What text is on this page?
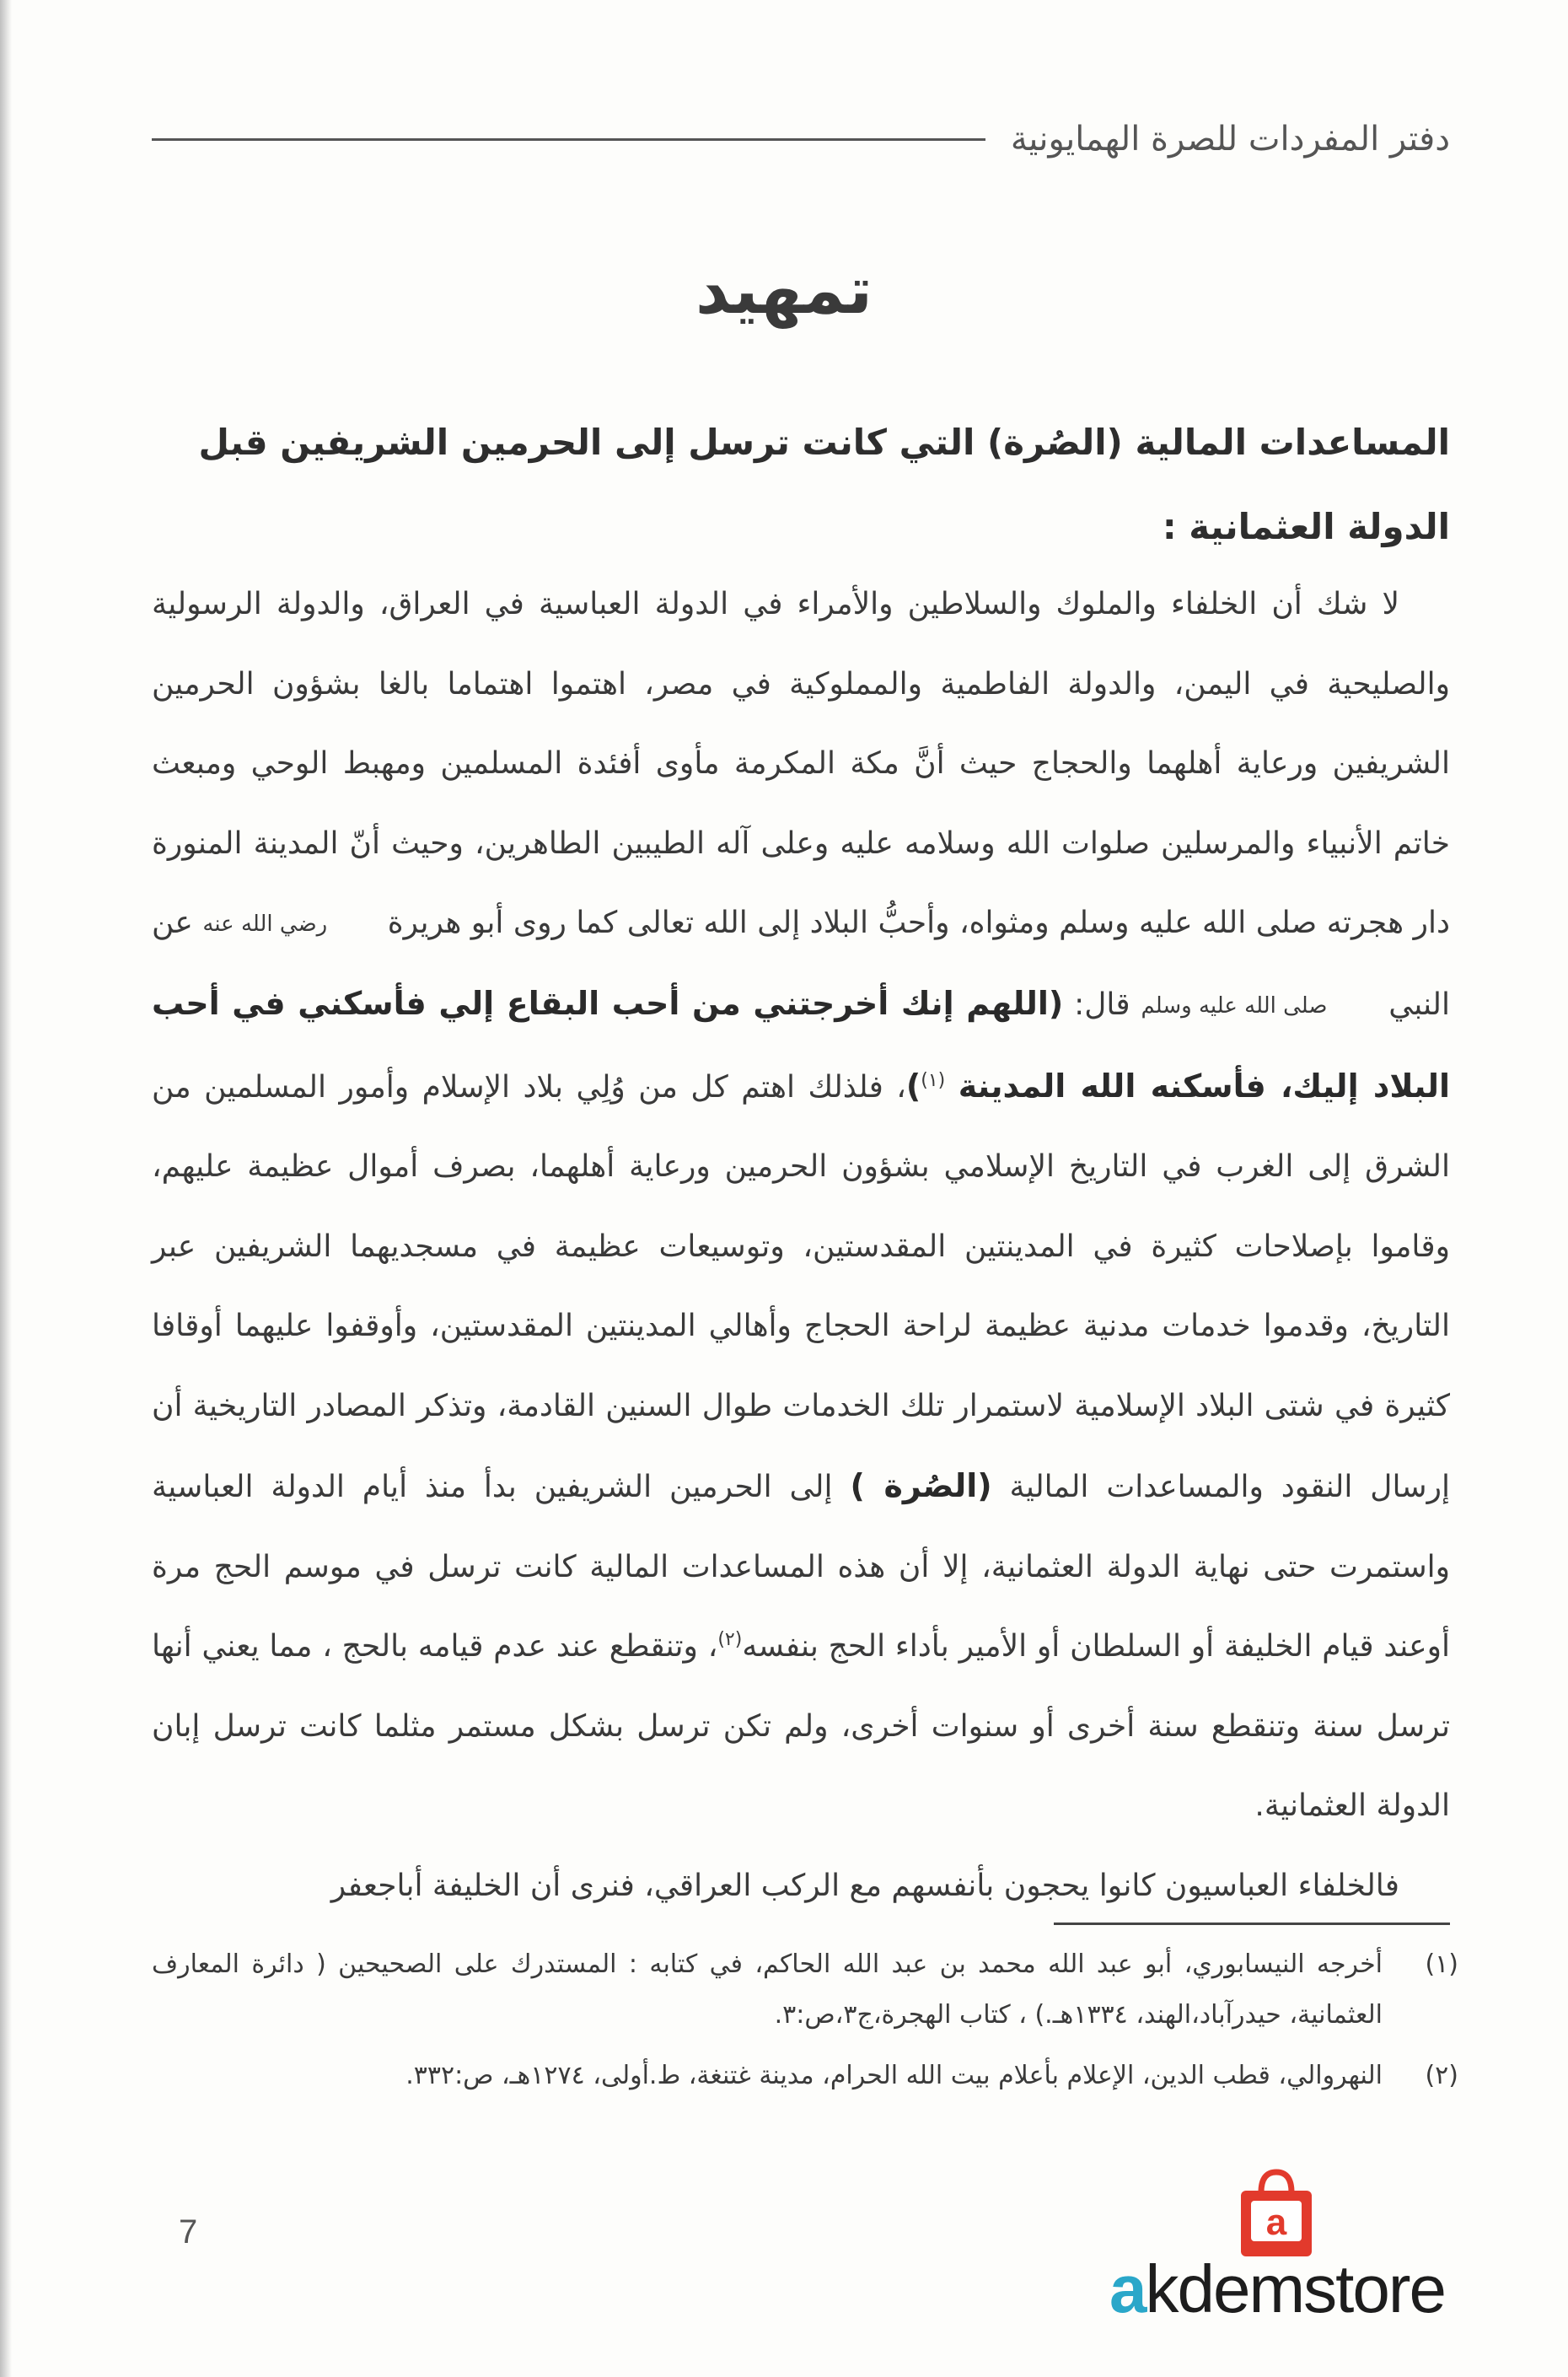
دفتر المفردات للصرة الهمايونية
تمهيد
المساعدات المالية (الصُرة) التي كانت ترسل إلى الحرمين الشريفين قبل الدولة العثمانية :

لا شك أن الخلفاء والملوك والسلاطين والأمراء في الدولة العباسية في العراق، والدولة الرسولية والصليحية في اليمن، والدولة الفاطمية والمملوكية في مصر، اهتموا اهتماما بالغا بشؤون الحرمين الشريفين ورعاية أهلهما والحجاج حيث أنَّ مكة المكرمة مأوى أفئدة المسلمين ومهبط الوحي ومبعث خاتم الأنبياء والمرسلين صلوات الله وسلامه عليه وعلى آله الطيبين الطاهرين، وحيث أنّ المدينة المنورة دار هجرته صلى الله عليه وسلم ومثواه، وأحبُّ البلاد إلى الله تعالى كما روى أبو هريرة رضي الله عنه عن النبي صلى الله عليه وسلم قال: (اللهم إنك أخرجتني من أحب البقاع إلي فأسكني في أحب البلاد إليك، فأسكنه الله المدينة $^{(١)}$)، فلذلك اهتم كل من وُلِي بلاد الإسلام وأمور المسلمين من الشرق إلى الغرب في التاريخ الإسلامي بشؤون الحرمين ورعاية أهلهما، بصرف أموال عظيمة عليهم، وقاموا بإصلاحات كثيرة في المدينتين المقدستين، وتوسيعات عظيمة في مسجديهما الشريفين عبر التاريخ، وقدموا خدمات مدنية عظيمة لراحة الحجاج وأهالي المدينتين المقدستين، وأوقفوا عليهما أوقافا كثيرة في شتى البلاد الإسلامية لاستمرار تلك الخدمات طوال السنين القادمة، وتذكر المصادر التاريخية أن إرسال النقود والمساعدات المالية (الصُرة ) إلى الحرمين الشريفين بدأ منذ أيام الدولة العباسية واستمرت حتى نهاية الدولة العثمانية، إلا أن هذه المساعدات المالية كانت ترسل في موسم الحج مرة أوعند قيام الخليفة أو السلطان أو الأمير بأداء الحج بنفسه$^{(٢)}$، وتنقطع عند عدم قيامه بالحج ، مما يعني أنها ترسل سنة وتنقطع سنة أخرى أو سنوات أخرى، ولم تكن ترسل بشكل مستمر مثلما كانت ترسل إبان الدولة العثمانية.

فالخلفاء العباسيون كانوا يحجون بأنفسهم مع الركب العراقي، فنرى أن الخليفة أباجعفر

(١)
أخرجه النيسابوري، أبو عبد الله محمد بن عبد الله الحاكم، في كتابه : المستدرك على الصحيحين ( دائرة المعارف العثمانية، حيدرآباد،الهند، ١٣٣٤هـ.) ، كتاب الهجرة،ج٣،ص:٣.
(٢)
النهروالي، قطب الدين، الإعلام بأعلام بيت الله الحرام، مدينة غتنغة، ط.أولى، ١٢٧٤هـ، ص:٣٣٢.
7	a
akdemstore
